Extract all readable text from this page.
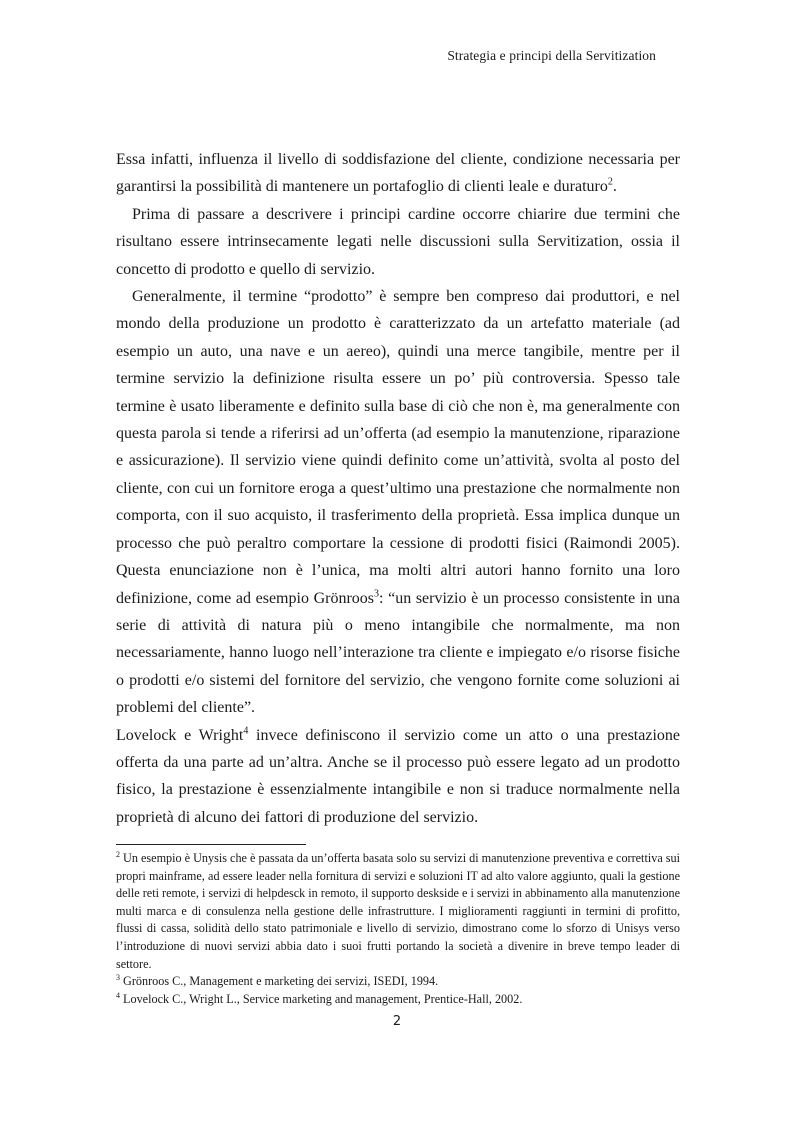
Strategia e principi della Servitization

Essa infatti, influenza il livello di soddisfazione del cliente, condizione necessaria per garantirsi la possibilità di mantenere un portafoglio di clienti leale e duraturo$^2$.

Prima di passare a descrivere i principi cardine occorre chiarire due termini che risultano essere intrinsecamente legati nelle discussioni sulla Servitization, ossia il concetto di prodotto e quello di servizio.

Generalmente, il termine “prodotto” è sempre ben compreso dai produttori, e nel mondo della produzione un prodotto è caratterizzato da un artefatto materiale (ad esempio un auto, una nave e un aereo), quindi una merce tangibile, mentre per il termine servizio la definizione risulta essere un po’ più controversia. Spesso tale termine è usato liberamente e definito sulla base di ciò che non è, ma generalmente con questa parola si tende a riferirsi ad un’offerta (ad esempio la manutenzione, riparazione e assicurazione). Il servizio viene quindi definito come un’attività, svolta al posto del cliente, con cui un fornitore eroga a quest’ultimo una prestazione che normalmente non comporta, con il suo acquisto, il trasferimento della proprietà. Essa implica dunque un processo che può peraltro comportare la cessione di prodotti fisici (Raimondi 2005). Questa enunciazione non è l’unica, ma molti altri autori hanno fornito una loro definizione, come ad esempio Grönroos$^3$: “un servizio è un processo consistente in una serie di attività di natura più o meno intangibile che normalmente, ma non necessariamente, hanno luogo nell’interazione tra cliente e impiegato e/o risorse fisiche o prodotti e/o sistemi del fornitore del servizio, che vengono fornite come soluzioni ai problemi del cliente”.

Lovelock e Wright$^4$ invece definiscono il servizio come un atto o una prestazione offerta da una parte ad un’altra. Anche se il processo può essere legato ad un prodotto fisico, la prestazione è essenzialmente intangibile e non si traduce normalmente nella proprietà di alcuno dei fattori di produzione del servizio.

$^2$ Un esempio è Unysis che è passata da un’offerta basata solo su servizi di manutenzione preventiva e correttiva sui propri mainframe, ad essere leader nella fornitura di servizi e soluzioni IT ad alto valore aggiunto, quali la gestione delle reti remote, i servizi di helpdesck in remoto, il supporto deskside e i servizi in abbinamento alla manutenzione multi marca e di consulenza nella gestione delle infrastrutture. I miglioramenti raggiunti in termini di profitto, flussi di cassa, solidità dello stato patrimoniale e livello di servizio, dimostrano come lo sforzo di Unisys verso l’introduzione di nuovi servizi abbia dato i suoi frutti portando la società a divenire in breve tempo leader di settore.

$^3$ Grönroos C., Management e marketing dei servizi, ISEDI, 1994.

$^4$ Lovelock C., Wright L., Service marketing and management, Prentice-Hall, 2002.

2
